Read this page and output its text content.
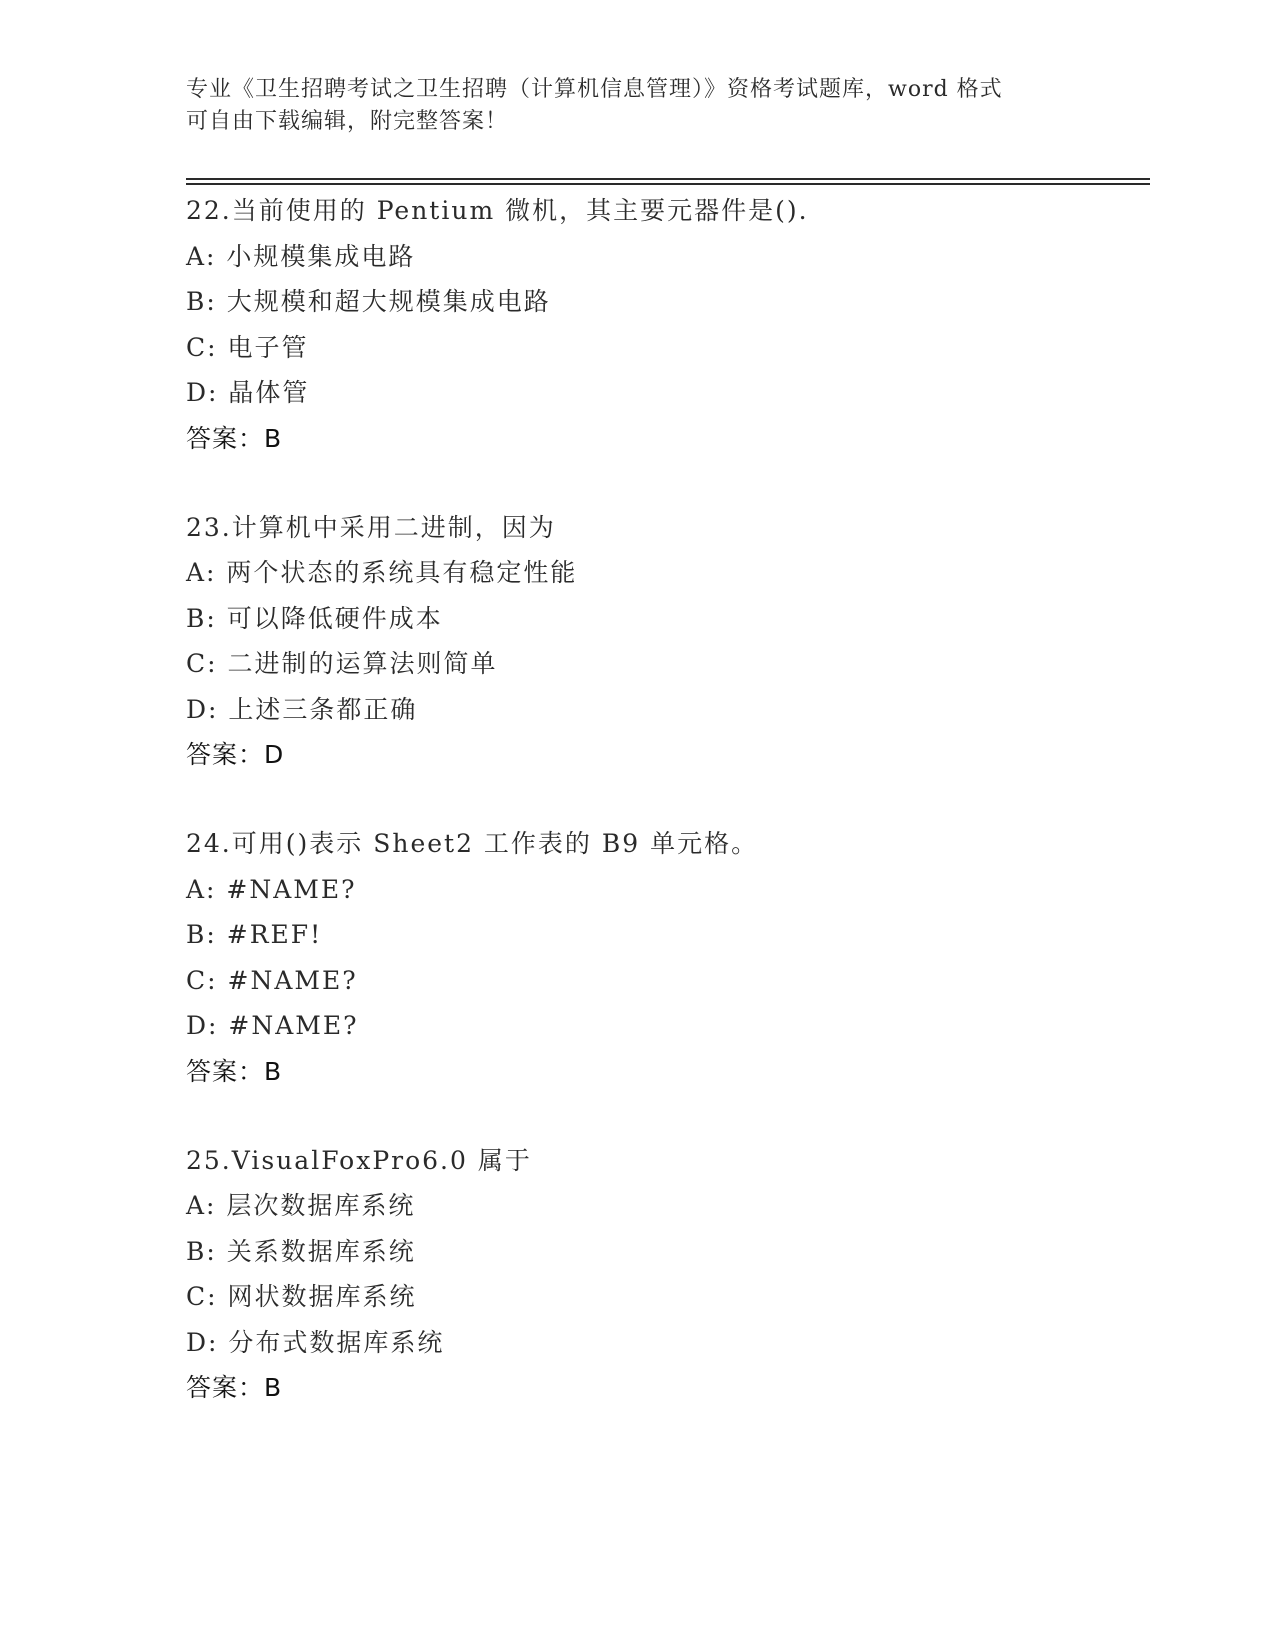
专业《卫生招聘考试之卫生招聘（计算机信息管理）》资格考试题库，word 格式
可自由下载编辑，附完整答案！
22.当前使用的 Pentium 微机，其主要元器件是().
A: 小规模集成电路
B: 大规模和超大规模集成电路
C: 电子管
D: 晶体管
答案：B
23.计算机中采用二进制，因为
A: 两个状态的系统具有稳定性能
B: 可以降低硬件成本
C: 二进制的运算法则简单
D: 上述三条都正确
答案：D
24.可用()表示 Sheet2 工作表的 B9 单元格。
A: #NAME?
B: #REF!
C: #NAME?
D: #NAME?
答案：B
25.VisualFoxPro6.0 属于
A: 层次数据库系统
B: 关系数据库系统
C: 网状数据库系统
D: 分布式数据库系统
答案：B
